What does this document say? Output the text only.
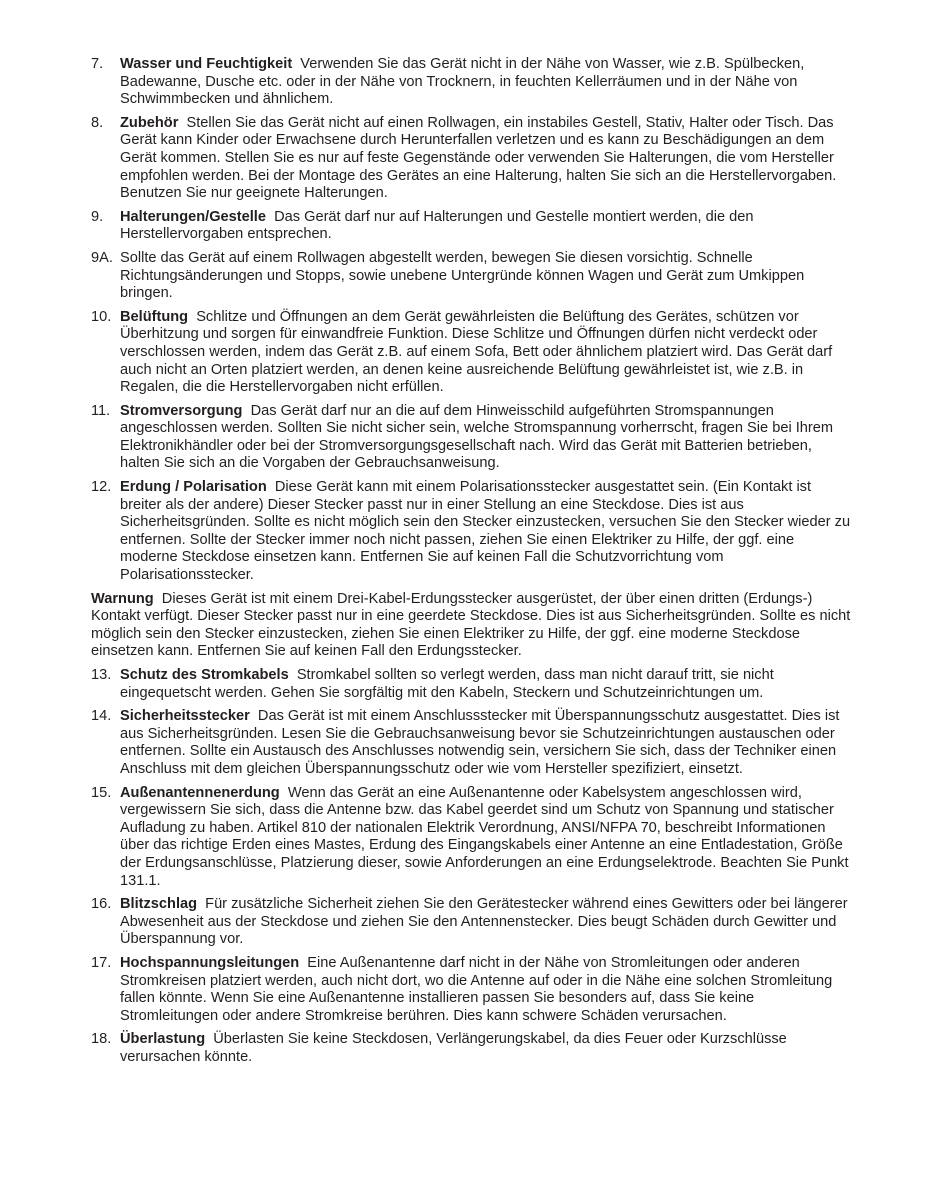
7.	Wasser und Feuchtigkeit Verwenden Sie das Gerät nicht in der Nähe von Wasser, wie z.B. Spülbecken, Badewanne, Dusche etc. oder in der Nähe von Trocknern, in feuchten Kellerräumen und in der Nähe von Schwimmbecken und ähnlichem.
8.	Zubehör Stellen Sie das Gerät nicht auf einen Rollwagen, ein instabiles Gestell, Stativ, Halter oder Tisch. Das Gerät kann Kinder oder Erwachsene durch Herunterfallen verletzen und es kann zu Beschädigungen an dem Gerät kommen. Stellen Sie es nur auf feste Gegenstände oder verwenden Sie Halterungen, die vom Hersteller empfohlen werden. Bei der Montage des Gerätes an eine Halterung, halten Sie sich an die Herstellervorgaben. Benutzen Sie nur geeignete Halterungen.
9.	Halterungen/Gestelle Das Gerät darf nur auf Halterungen und Gestelle montiert werden, die den Herstellervorgaben entsprechen.
9A. Sollte das Gerät auf einem Rollwagen abgestellt werden, bewegen Sie diesen vorsichtig. Schnelle Richtungsänderungen und Stopps, sowie unebene Untergründe können Wagen und Gerät zum Umkippen bringen.
10. Belüftung Schlitze und Öffnungen an dem Gerät gewährleisten die Belüftung des Gerätes, schützen vor Überhitzung und sorgen für einwandfreie Funktion. Diese Schlitze und Öffnungen dürfen nicht verdeckt oder verschlossen werden, indem das Gerät z.B. auf einem Sofa, Bett oder ähnlichem platziert wird. Das Gerät darf auch nicht an Orten platziert werden, an denen keine ausreichende Belüftung gewährleistet ist, wie z.B. in Regalen, die die Herstellervorgaben nicht erfüllen.
11. Stromversorgung Das Gerät darf nur an die auf dem Hinweisschild aufgeführten Stromspannungen angeschlossen werden. Sollten Sie nicht sicher sein, welche Stromspannung vorherrscht, fragen Sie bei Ihrem Elektronikhändler oder bei der Stromversorgungsgesellschaft nach. Wird das Gerät mit Batterien betrieben, halten Sie sich an die Vorgaben der Gebrauchsanweisung.
12. Erdung / Polarisation Diese Gerät kann mit einem Polarisationsstecker ausgestattet sein. (Ein Kontakt ist breiter als der andere) Dieser Stecker passt nur in einer Stellung an eine Steckdose. Dies ist aus Sicherheitsgründen. Sollte es nicht möglich sein den Stecker einzustecken, versuchen Sie den Stecker wieder zu entfernen. Sollte der Stecker immer noch nicht passen, ziehen Sie einen Elektriker zu Hilfe, der ggf. eine moderne Steckdose einsetzen kann. Entfernen Sie auf keinen Fall die Schutzvorrichtung vom Polarisationsstecker.
Warnung Dieses Gerät ist mit einem Drei-Kabel-Erdungsstecker ausgerüstet, der über einen dritten (Erdungs-) Kontakt verfügt. Dieser Stecker passt nur in eine geerdete Steckdose. Dies ist aus Sicherheitsgründen. Sollte es nicht möglich sein den Stecker einzustecken, ziehen Sie einen Elektriker zu Hilfe, der ggf. eine moderne Steckdose einsetzen kann. Entfernen Sie auf keinen Fall den Erdungsstecker.
13. Schutz des Stromkabels Stromkabel sollten so verlegt werden, dass man nicht darauf tritt, sie nicht eingequetscht werden. Gehen Sie sorgfältig mit den Kabeln, Steckern und Schutzeinrichtungen um.
14. Sicherheitsstecker Das Gerät ist mit einem Anschlussstecker mit Überspannungsschutz ausgestattet. Dies ist aus Sicherheitsgründen. Lesen Sie die Gebrauchsanweisung bevor sie Schutzeinrichtungen austauschen oder entfernen. Sollte ein Austausch des Anschlusses notwendig sein, versichern Sie sich, dass der Techniker einen Anschluss mit dem gleichen Überspannungsschutz oder wie vom Hersteller spezifiziert, einsetzt.
15. Außenantennenerdung Wenn das Gerät an eine Außenantenne oder Kabelsystem angeschlossen wird, vergewissern Sie sich, dass die Antenne bzw. das Kabel geerdet sind um Schutz von Spannung und statischer Aufladung zu haben. Artikel 810 der nationalen Elektrik Verordnung, ANSI/NFPA 70, beschreibt Informationen über das richtige Erden eines Mastes, Erdung des Eingangskabels einer Antenne an eine Entladestation, Größe der Erdungsanschlüsse, Platzierung dieser, sowie Anforderungen an eine Erdungselektrode. Beachten Sie Punkt 131.1.
16. Blitzschlag Für zusätzliche Sicherheit ziehen Sie den Gerätestecker während eines Gewitters oder bei längerer Abwesenheit aus der Steckdose und ziehen Sie den Antennenstecker. Dies beugt Schäden durch Gewitter und Überspannung vor.
17. Hochspannungsleitungen Eine Außenantenne darf nicht in der Nähe von Stromleitungen oder anderen Stromkreisen platziert werden, auch nicht dort, wo die Antenne auf oder in die Nähe eine solchen Stromleitung fallen könnte. Wenn Sie eine Außenantenne installieren passen Sie besonders auf, dass Sie keine Stromleitungen oder andere Stromkreise berühren. Dies kann schwere Schäden verursachen.
18. Überlastung Überlasten Sie keine Steckdosen, Verlängerungskabel, da dies Feuer oder Kurzschlüsse verursachen könnte.
